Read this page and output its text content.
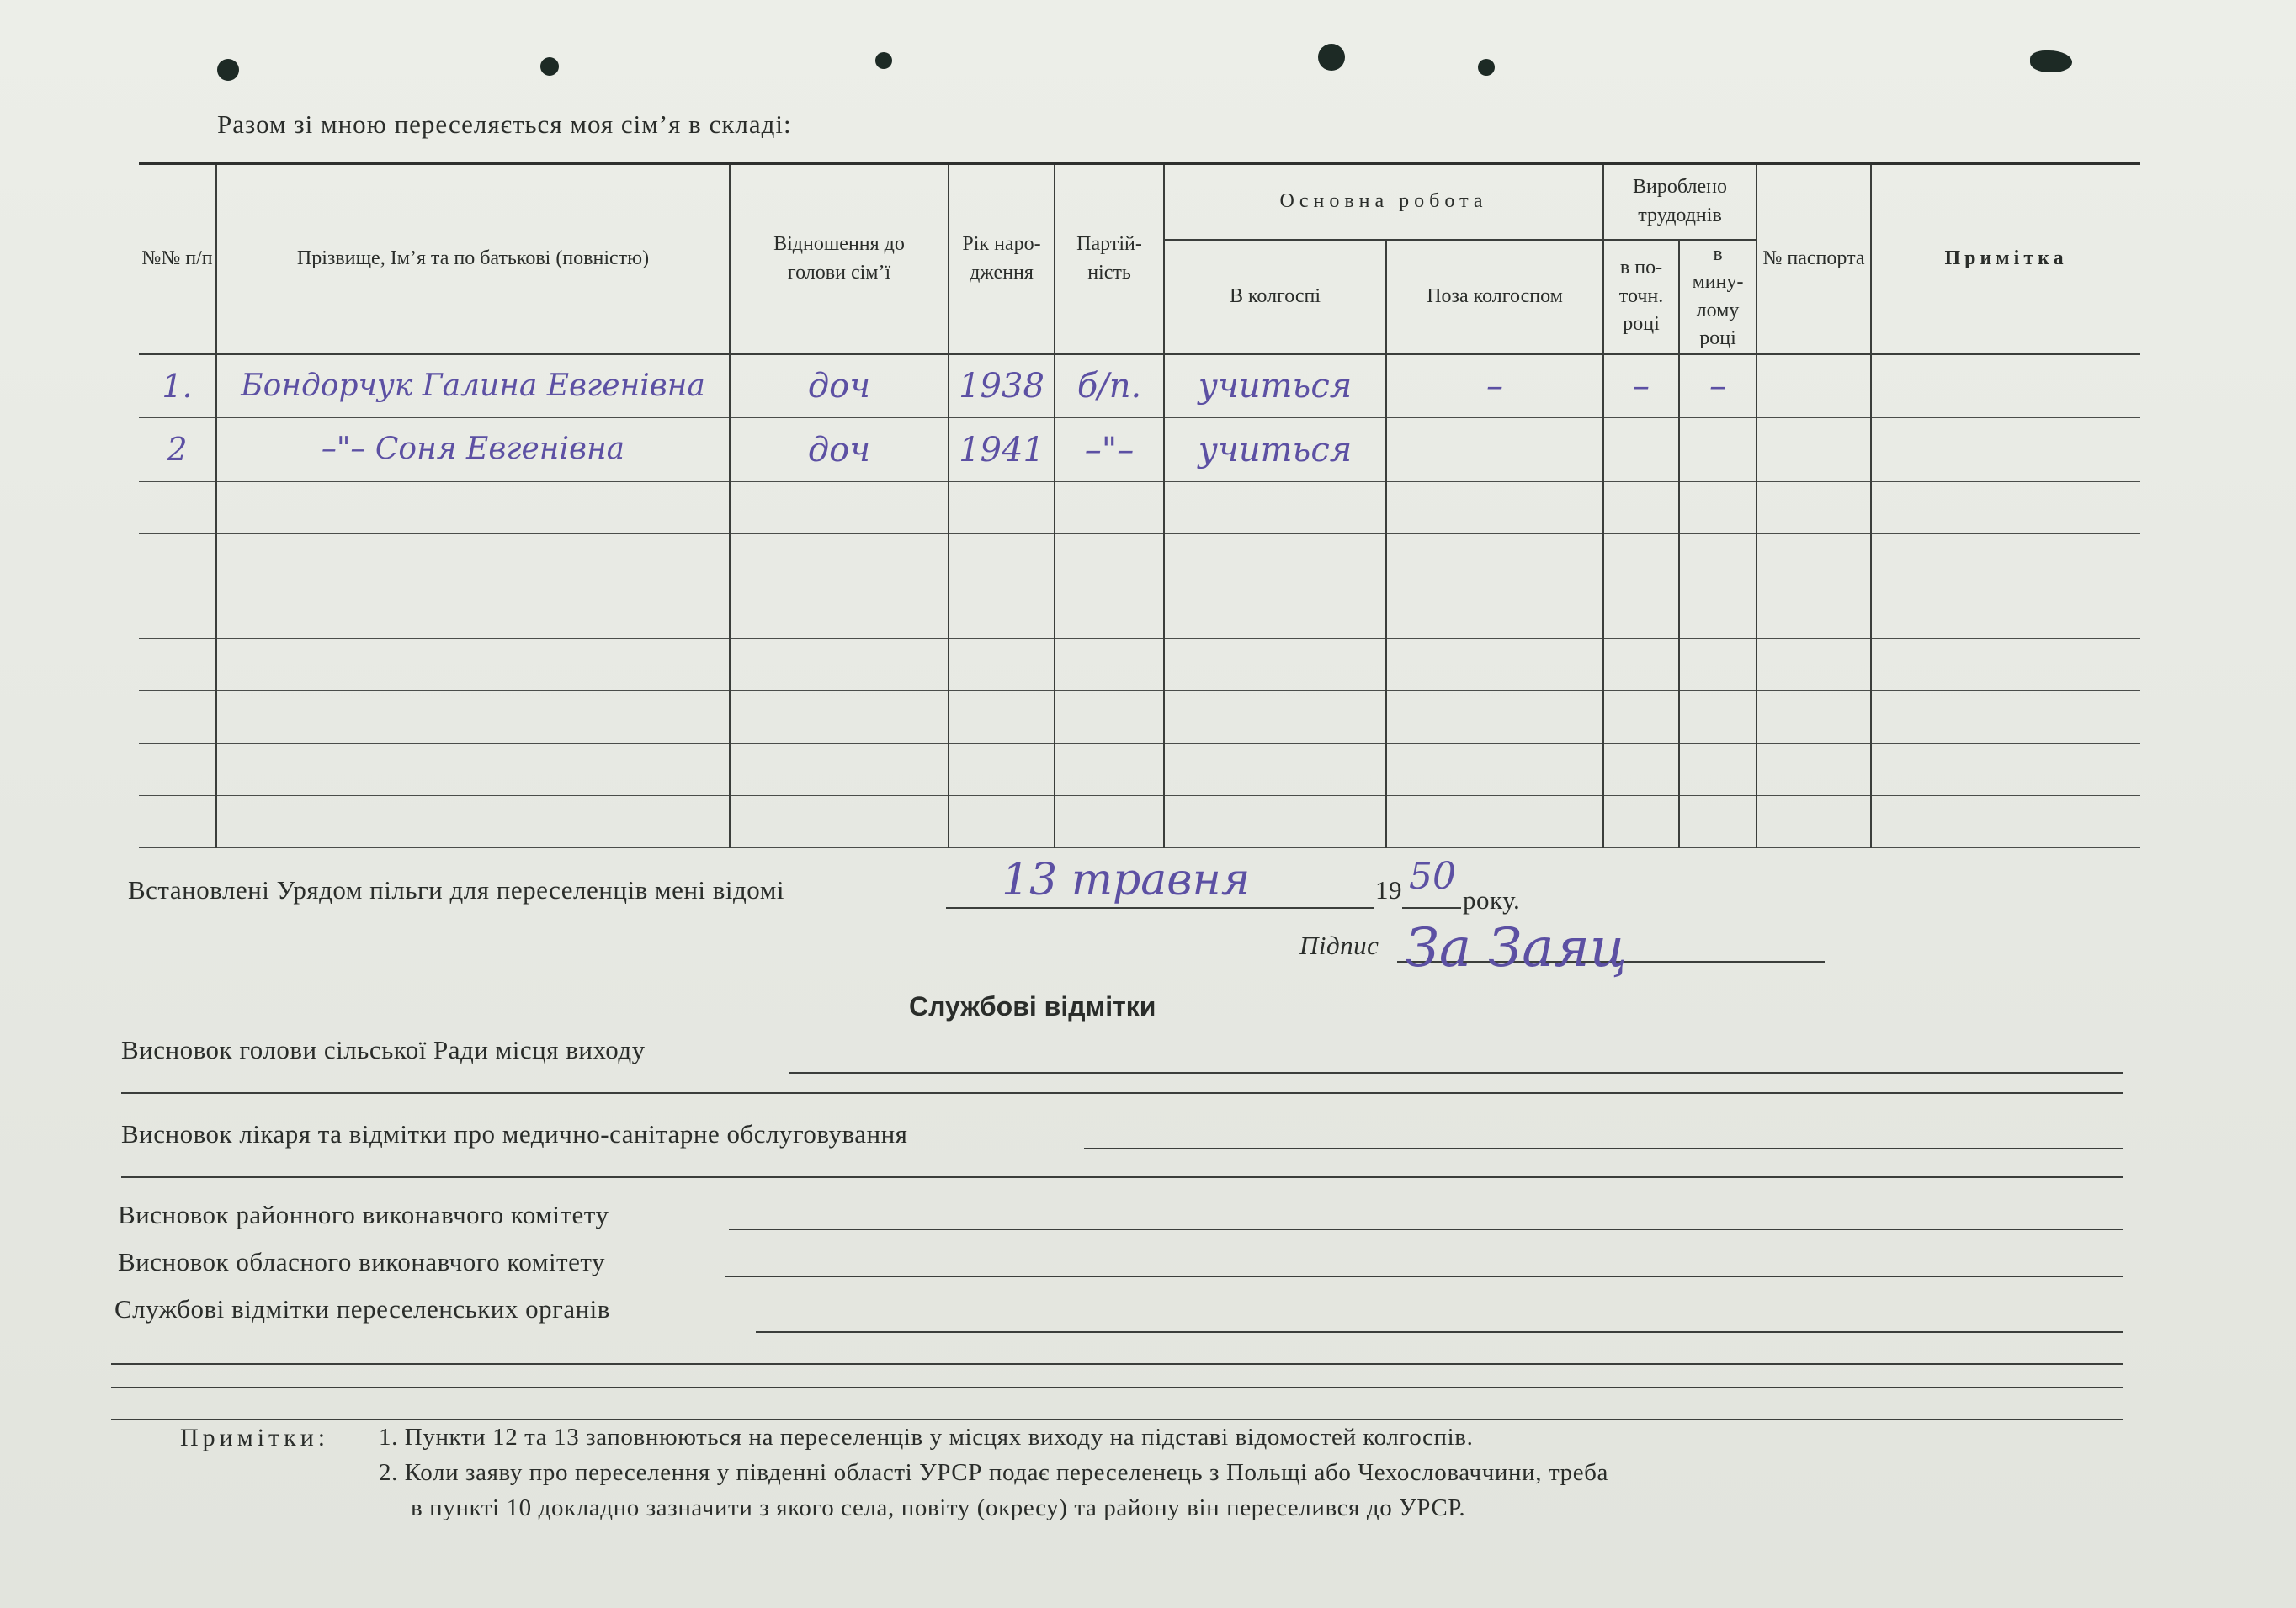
Разом зі мною переселяється моя сім’я в складі:
№№ п/п	Прізвище, Ім’я та по батькові (повністю)	Відношення до голови сім’ї	Рік наро- дження	Партій- ність	Основна робота		Вироблено трудоднів		№ паспорта	Примітка
					В колгоспі	Поза колгоспом	в по- точн. році	в мину- лому році		
1.	Бондорчук Галина Евгенівна	доч	1938	б/п.	учиться	–	–	–		
2	–"– Соня Евгенівна	доч	1941	–"–	учиться					

Встановлені Урядом пільги для переселенців мені відомі	13 травня	19 50
року.
Підпис За Заяц
Службові відмітки
Висновок голови сільської Ради місця виходу
Висновок лікаря та відмітки про медично-санітарне обслуговування
Висновок районного виконавчого комітету
Висновок обласного виконавчого комітету
Службові відмітки переселенських органів
Примітки: 1. Пункти 12 та 13 заповнюються на переселенців у місцях виходу на підставі відомостей колгоспів.
2. Коли заяву про переселення у південні області УРСР подає переселенець з Польщі або Чехословаччини, треба
в пункті 10 докладно зазначити з якого села, повіту (окресу) та району він переселився до УРСР.
